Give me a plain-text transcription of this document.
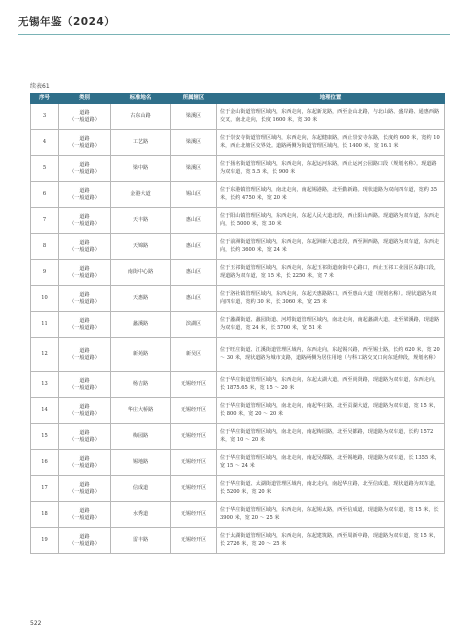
无锡年鉴（2024）
续表61
序号	类别	标准地名	所属辖区	地理位置
3	道路
（一般道路）	古东山路	梁溪区	位于金山街道管理区域内，东西走向，东起新龙路，西至金山北路，与北山路、盛岸路、通惠西路交叉，南北走向，长度 1600 米，宽 30 米
4	道路
（一般道路）	工艺路	梁溪区	位于崇安寺街道管理区域内，东西走向，东起健康路，西止崇安寺东路，长度约 600 米，宽约 10 米，西止北塘区交界处。道路两侧为街道管理区域内，长 1400 米，宽 16.1 米
5	道路
（一般道路）	梁中路	梁溪区	位于扬名街道管理区域内，东西走向，东起运河东路，西止运河公园路口段（规划名称）。现道路为双车道，宽 5.5 米，长 900 米
6	道路
（一般道路）	金港大道	锡山区	位于东港镇管理区域内，南北走向，南起锡港路，北至勤新路。现状道路为双向四车道，宽约 35 米，长约 4750 米，宽 20 米
7	道路
（一般道路）	天丰路	惠山区	位于阳山镇管理区域内，东西走向，东起人民大道北段，西止阳山西路。现道路为双车道，东西走向，长 5000 米，宽 30 米
8	道路
（一般道路）	天锦路	惠山区	位于前洲街道管理区域内，东西走向，东起洲新大道北段，西至洲西路，现道路为双车道，东西走向，长约 3600 米，宽 24 米
9	道路
（一般道路）	南街中心路	惠山区	位于玉祁街道管理区域内，东西走向，东起玉祁街道南街中心路口，西止玉祁工业园区东路口段，现道路为双车道，宽 15 米，长 2250 米，宽 7 米
10	道路
（一般道路）	天惠路	惠山区	位于洛社镇管理区域内，东西走向，东起天惠路路口，西至惠山大道（规划名称）。现状道路为双向四车道，宽约 30 米，长 3060 米，宽 25 米
11	道路
（一般道路）	蠡溪路	滨湖区	位于蠡湖街道、蠡园街道、河埒街道管理区域内，南北走向，南起蠡湖大道，北至梁溪路，现道路为双车道，宽 24 米，长 5700 米，宽 51 米
12	道路
（一般道路）	新苑路	新吴区	位于旺庄街道、江溪街道管理区域内，东西走向，东起锡兴路，西至锡士路，长约 620 米，宽 20 ～ 30 米，现状道路为城市支路，道路两侧为居住用地（与科工路交叉口向东延伸段，规划名称）
13	道路
（一般道路）	杨吉路	无锡经开区	位于华庄街道管理区域内，东西走向，东起太湖大道，西至尚贤路，现道路为双车道，东西走向，长 1875.65 米，宽 15 ～ 20 米
14	道路
（一般道路）	华庄大桥路	无锡经开区	位于华庄街道管理区域内，南北走向，南起华庄路，北至贡湖大道，现道路为双车道，宽 15 米，长 800 米，宽 20 ～ 20 米
15	道路
（一般道路）	梅园路	无锡经开区	位于华庄街道管理区域内，南北走向，南起梅园路，北至吴都路，现道路为双车道，长约 1572 米，宽 10 ～ 20 米
16	道路
（一般道路）	锡地路	无锡经开区	位于华庄街道管理区域内，南北走向，南起吴都路，北至锡地路，现道路为双车道，长 1355 米，宽 15 ～ 24 米
17	道路
（一般道路）	信成道	无锡经开区	位于华庄街道、太湖街道管理区域内，南北走向，南起华庄路，北至信成道，现状道路为双车道，长 5200 米，宽 20 米
18	道路
（一般道路）	水秀道	无锡经开区	位于华庄街道管理区域内，东西走向，东起锡太路，西至信成道，现道路为双车道，宽 15 米，长 3900 米，宽 20 ～ 25 米
19	道路
（一般道路）	雷丰路	无锡经开区	位于太湖街道管理区域内，东西走向，东起建筑路，西至周新中路，现道路为双车道，宽 15 米，长 2726 米，宽 20 ～ 25 米
522
